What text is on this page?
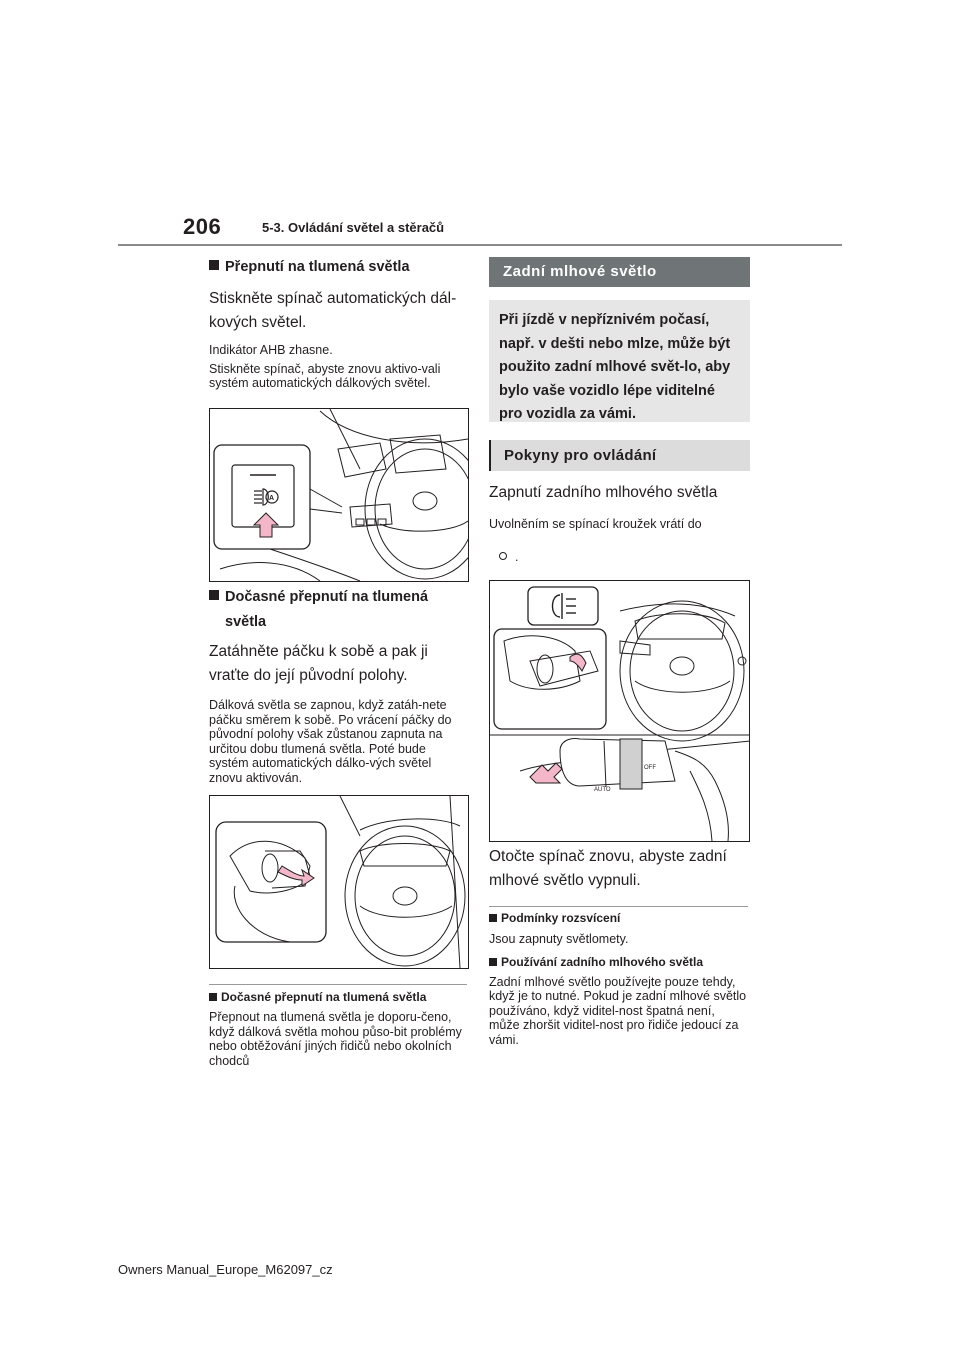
206	5-3. Ovládání světel a stěračů
Přepnutí na tlumená světla
Stiskněte spínač automatických dál-kových světel.
Indikátor AHB zhasne.
Stiskněte spínač, abyste znovu aktivo-vali systém automatických dálkových světel.
A
Dočasné přepnutí na tlumená
světla
Zatáhněte páčku k sobě a pak ji vraťte do její původní polohy.
Dálková světla se zapnou, když zatáh-nete páčku směrem k sobě. Po vrácení páčky do původní polohy však zůstanou zapnuta na určitou dobu tlumená světla. Poté bude systém automatických dálko-vých světel znovu aktivován.
Dočasné přepnutí na tlumená světla
Přepnout na tlumená světla je doporu-čeno, když dálková světla mohou půso-bit problémy nebo obtěžování jiných řidičů nebo okolních chodců
Zadní mlhové světlo
Při jízdě v nepříznivém počasí, např. v dešti nebo mlze, může být použito zadní mlhové svět-lo, aby bylo vaše vozidlo lépe viditelné pro vozidla za vámi.
Pokyny pro ovládání
Zapnutí zadního mlhového světla
Uvolněním se spínací kroužek vrátí do
.
AUTO
OFF
Otočte spínač znovu, abyste zadní mlhové světlo vypnuli.
Podmínky rozsvícení
Jsou zapnuty světlomety.
Používání zadního mlhového světla
Zadní mlhové světlo používejte pouze tehdy, když je to nutné. Pokud je zadní mlhové světlo používáno, když viditel-nost špatná není, může zhoršit viditel-nost pro řidiče jedoucí za vámi.
Owners Manual_Europe_M62097_cz
